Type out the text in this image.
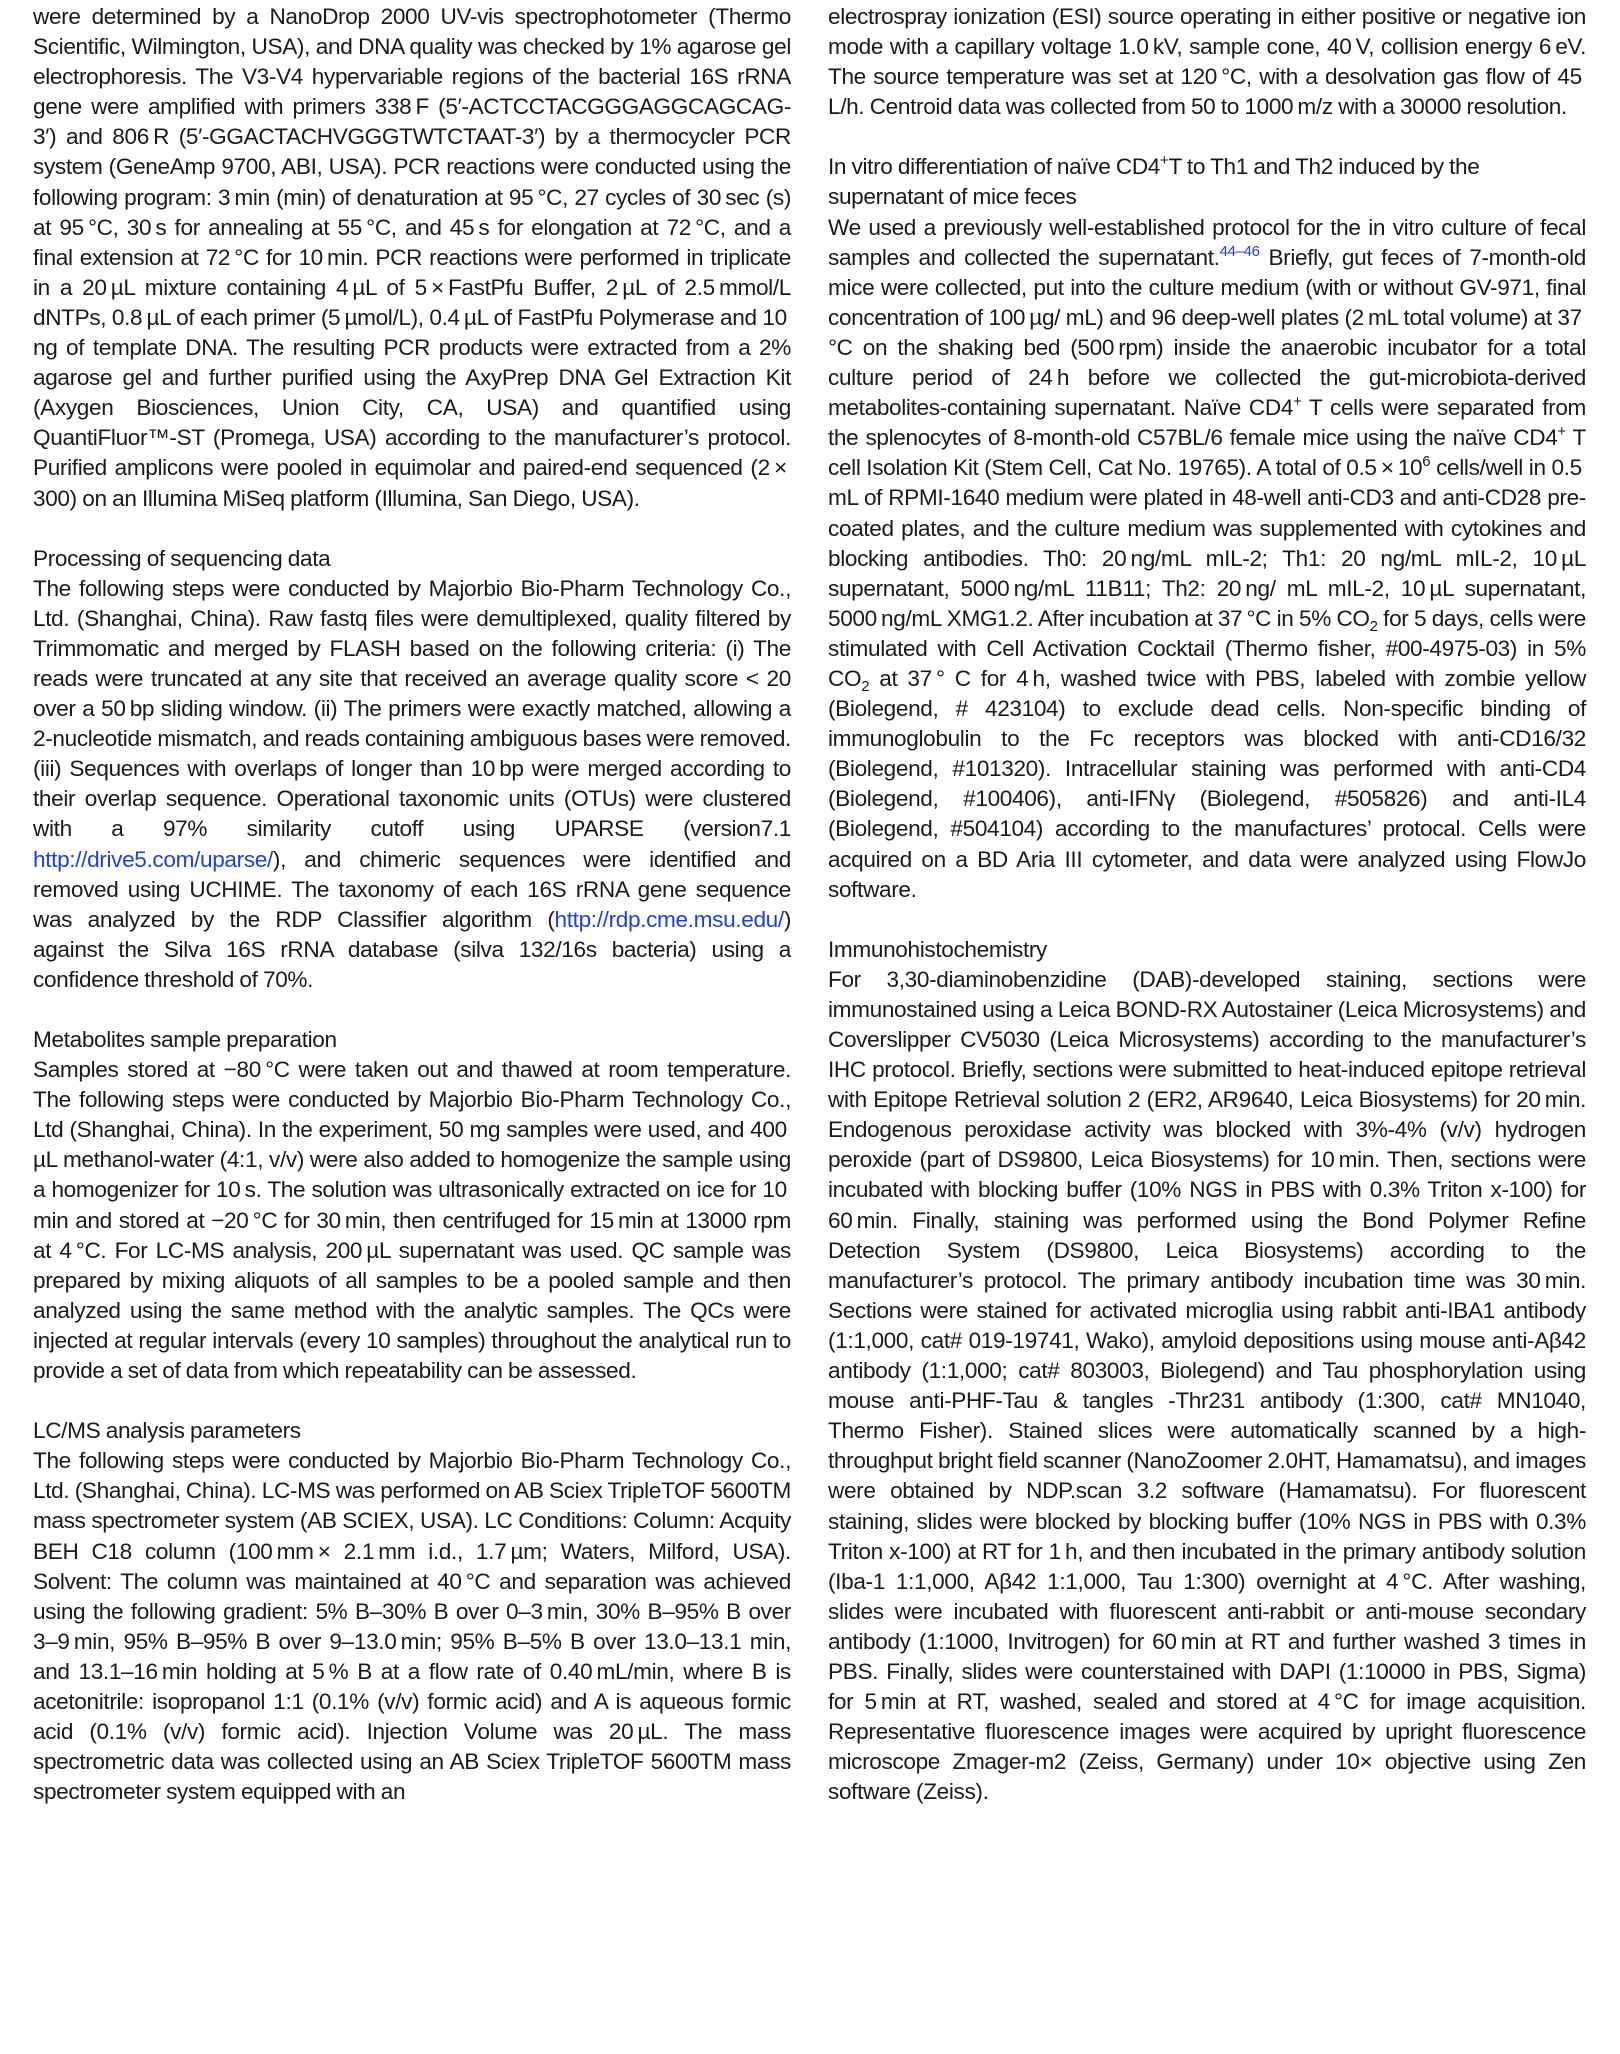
were determined by a NanoDrop 2000 UV-vis spectrophotometer (Thermo Scientific, Wilmington, USA), and DNA quality was checked by 1% agarose gel electrophoresis. The V3-V4 hypervariable regions of the bacterial 16S rRNA gene were amplified with primers 338 F (5′-ACTCCTACGGGAGGCAGCAG-3′) and 806 R (5′-GGACTACHVGGGTWTCTAAT-3′) by a thermocycler PCR system (GeneAmp 9700, ABI, USA). PCR reactions were conducted using the following program: 3 min (min) of denaturation at 95 °C, 27 cycles of 30 sec (s) at 95 °C, 30 s for annealing at 55 °C, and 45 s for elongation at 72 °C, and a final extension at 72 °C for 10 min. PCR reactions were performed in triplicate in a 20 µL mixture containing 4 µL of 5 × FastPfu Buffer, 2 µL of 2.5 mmol/L dNTPs, 0.8 µL of each primer (5 µmol/L), 0.4 µL of FastPfu Polymerase and 10 ng of template DNA. The resulting PCR products were extracted from a 2% agarose gel and further purified using the AxyPrep DNA Gel Extraction Kit (Axygen Biosciences, Union City, CA, USA) and quantified using QuantiFluor™-ST (Promega, USA) according to the manufacturer’s protocol. Purified amplicons were pooled in equimolar and paired-end sequenced (2 × 300) on an Illumina MiSeq platform (Illumina, San Diego, USA).

Processing of sequencing data

The following steps were conducted by Majorbio Bio-Pharm Technology Co., Ltd. (Shanghai, China). Raw fastq files were demultiplexed, quality filtered by Trimmomatic and merged by FLASH based on the following criteria: (i) The reads were truncated at any site that received an average quality score < 20 over a 50 bp sliding window. (ii) The primers were exactly matched, allowing a 2-nucleotide mismatch, and reads containing ambiguous bases were removed. (iii) Sequences with overlaps of longer than 10 bp were merged according to their overlap sequence. Operational taxonomic units (OTUs) were clustered with a 97% similarity cutoff using UPARSE (version7.1 http://drive5.com/uparse/), and chimeric sequences were identified and removed using UCHIME. The taxonomy of each 16S rRNA gene sequence was analyzed by the RDP Classifier algorithm (http://rdp.cme.msu.edu/) against the Silva 16S rRNA database (silva 132/16s bacteria) using a confidence threshold of 70%.

Metabolites sample preparation

Samples stored at −80 °C were taken out and thawed at room temperature. The following steps were conducted by Majorbio Bio-Pharm Technology Co., Ltd (Shanghai, China). In the experiment, 50 mg samples were used, and 400 µL methanol-water (4:1, v/v) were also added to homogenize the sample using a homogenizer for 10 s. The solution was ultrasonically extracted on ice for 10 min and stored at −20 °C for 30 min, then centrifuged for 15 min at 13000 rpm at 4 °C. For LC-MS analysis, 200 µL supernatant was used. QC sample was prepared by mixing aliquots of all samples to be a pooled sample and then analyzed using the same method with the analytic samples. The QCs were injected at regular intervals (every 10 samples) throughout the analytical run to provide a set of data from which repeatability can be assessed.

LC/MS analysis parameters

The following steps were conducted by Majorbio Bio-Pharm Technology Co., Ltd. (Shanghai, China). LC-MS was performed on AB Sciex TripleTOF 5600TM mass spectrometer system (AB SCIEX, USA). LC Conditions: Column: Acquity BEH C18 column (100 mm × 2.1 mm i.d., 1.7 µm; Waters, Milford, USA). Solvent: The column was maintained at 40 °C and separation was achieved using the following gradient: 5% B–30% B over 0–3 min, 30% B–95% B over 3–9 min, 95% B–95% B over 9–13.0 min; 95% B–5% B over 13.0–13.1 min, and 13.1–16 min holding at 5 % B at a flow rate of 0.40 mL/min, where B is acetonitrile: isopropanol 1:1 (0.1% (v/v) formic acid) and A is aqueous formic acid (0.1% (v/v) formic acid). Injection Volume was 20 µL. The mass spectrometric data was collected using an AB Sciex TripleTOF 5600TM mass spectrometer system equipped with an

electrospray ionization (ESI) source operating in either positive or negative ion mode with a capillary voltage 1.0 kV, sample cone, 40 V, collision energy 6 eV. The source temperature was set at 120 °C, with a desolvation gas flow of 45 L/h. Centroid data was collected from 50 to 1000 m/z with a 30000 resolution.

In vitro differentiation of naïve CD4+T to Th1 and Th2 induced by the supernatant of mice feces

We used a previously well-established protocol for the in vitro culture of fecal samples and collected the supernatant.$^{44-46}$ Briefly, gut feces of 7-month-old mice were collected, put into the culture medium (with or without GV-971, final concentration of 100 µg/ mL) and 96 deep-well plates (2 mL total volume) at 37 °C on the shaking bed (500 rpm) inside the anaerobic incubator for a total culture period of 24 h before we collected the gut-microbiota-derived metabolites-containing supernatant. Naïve CD4+ T cells were separated from the splenocytes of 8-month-old C57BL/6 female mice using the naïve CD4+ T cell Isolation Kit (Stem Cell, Cat No. 19765). A total of $0.5 \times 10^6$ cells/well in 0.5 mL of RPMI-1640 medium were plated in 48-well anti-CD3 and anti-CD28 pre-coated plates, and the culture medium was supplemented with cytokines and blocking antibodies. Th0: 20 ng/mL mIL-2; Th1: 20 ng/mL mIL-2, 10 µL supernatant, 5000 ng/mL 11B11; Th2: 20 ng/ mL mIL-2, 10 µL supernatant, 5000 ng/mL XMG1.2. After incubation at 37 °C in 5% $CO_2$ for 5 days, cells were stimulated with Cell Activation Cocktail (Thermo fisher, #00-4975-03) in 5% $CO_2$ at 37 ° C for 4 h, washed twice with PBS, labeled with zombie yellow (Biolegend, # 423104) to exclude dead cells. Non-specific binding of immunoglobulin to the Fc receptors was blocked with anti-CD16/32 (Biolegend, #101320). Intracellular staining was performed with anti-CD4 (Biolegend, #100406), anti-IFNγ (Biolegend, #505826) and anti-IL4 (Biolegend, #504104) according to the manufactures’ protocal. Cells were acquired on a BD Aria III cytometer, and data were analyzed using FlowJo software.

Immunohistochemistry

For 3,30-diaminobenzidine (DAB)-developed staining, sections were immunostained using a Leica BOND-RX Autostainer (Leica Microsystems) and Coverslipper CV5030 (Leica Microsystems) according to the manufacturer’s IHC protocol. Briefly, sections were submitted to heat-induced epitope retrieval with Epitope Retrieval solution 2 (ER2, AR9640, Leica Biosystems) for 20 min. Endogenous peroxidase activity was blocked with 3%-4% (v/v) hydrogen peroxide (part of DS9800, Leica Biosystems) for 10 min. Then, sections were incubated with blocking buffer (10% NGS in PBS with 0.3% Triton x-100) for 60 min. Finally, staining was performed using the Bond Polymer Refine Detection System (DS9800, Leica Biosystems) according to the manufacturer’s protocol. The primary antibody incubation time was 30 min. Sections were stained for activated microglia using rabbit anti-IBA1 antibody (1:1,000, cat# 019-19741, Wako), amyloid depositions using mouse anti-Aβ42 antibody (1:1,000; cat# 803003, Biolegend) and Tau phosphorylation using mouse anti-PHF-Tau & tangles -Thr231 antibody (1:300, cat# MN1040, Thermo Fisher). Stained slices were automatically scanned by a high-throughput bright field scanner (NanoZoomer 2.0HT, Hamamatsu), and images were obtained by NDP.scan 3.2 software (Hamamatsu). For fluorescent staining, slides were blocked by blocking buffer (10% NGS in PBS with 0.3% Triton x-100) at RT for 1 h, and then incubated in the primary antibody solution (Iba-1 1:1,000, Aβ42 1:1,000, Tau 1:300) overnight at 4 °C. After washing, slides were incubated with fluorescent anti-rabbit or anti-mouse secondary antibody (1:1000, Invitrogen) for 60 min at RT and further washed 3 times in PBS. Finally, slides were counterstained with DAPI (1:10000 in PBS, Sigma) for 5 min at RT, washed, sealed and stored at 4 °C for image acquisition. Representative fluorescence images were acquired by upright fluorescence microscope Zmager-m2 (Zeiss, Germany) under 10× objective using Zen software (Zeiss).
